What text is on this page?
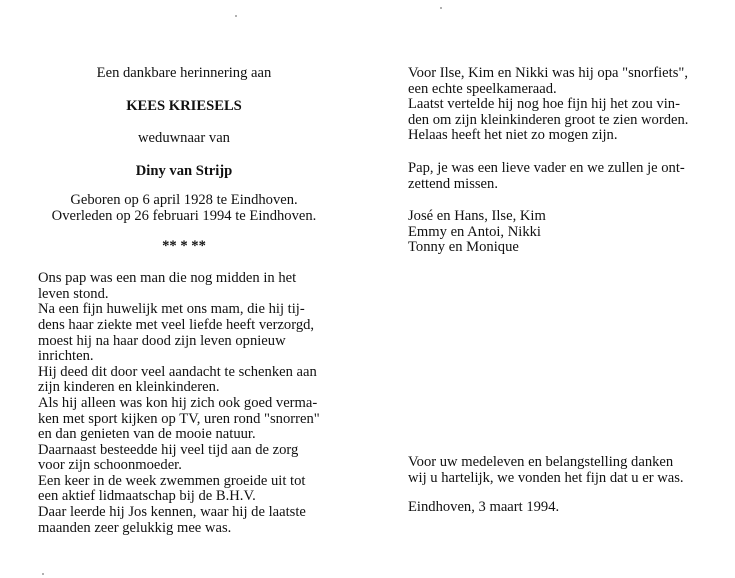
Een dankbare herinnering aan

KEES KRIESELS

weduwnaar van

Diny van Strijp

Geboren op 6 april 1928 te Eindhoven.

Overleden op 26 februari 1994 te Eindhoven.

** * **

Ons pap was een man die nog midden in het
leven stond.
Na een fijn huwelijk met ons mam, die hij tij-
dens haar ziekte met veel liefde heeft verzorgd,
moest hij na haar dood zijn leven opnieuw
inrichten.
Hij deed dit door veel aandacht te schenken aan
zijn kinderen en kleinkinderen.
Als hij alleen was kon hij zich ook goed verma-
ken met sport kijken op TV, uren rond "snorren"
en dan genieten van de mooie natuur.
Daarnaast besteedde hij veel tijd aan de zorg
voor zijn schoonmoeder.
Een keer in de week zwemmen groeide uit tot
een aktief lidmaatschap bij de B.H.V.
Daar leerde hij Jos kennen, waar hij de laatste
maanden zeer gelukkig mee was.
Voor Ilse, Kim en Nikki was hij opa "snorfiets",
een echte speelkameraad.
Laatst vertelde hij nog hoe fijn hij het zou vin-
den om zijn kleinkinderen groot te zien worden.
Helaas heeft het niet zo mogen zijn.
Pap, je was een lieve vader en we zullen je ont-
zettend missen.
José en Hans, Ilse, Kim
Emmy en Antoi, Nikki
Tonny en Monique
Voor uw medeleven en belangstelling danken
wij u hartelijk, we vonden het fijn dat u er was.
Eindhoven, 3 maart 1994.
